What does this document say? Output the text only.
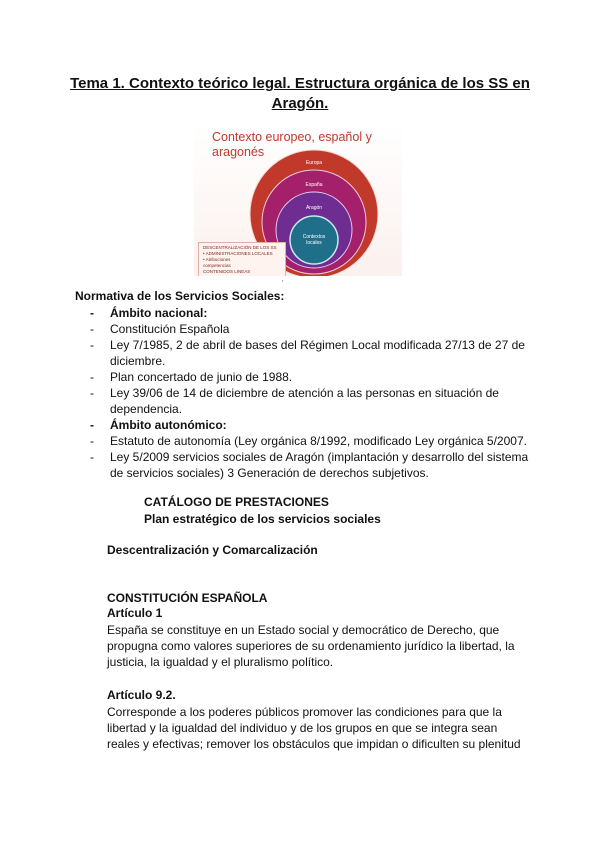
Tema 1. Contexto teórico legal. Estructura orgánica de los SS en Aragón.
Contexto europeo, español y aragonés
Europa
España
Aragón
Contextos locales
DESCENTRALIZACIÓN DE LOS SS
• ADMINISTRACIONES LOCALES
• Atribuciones
competencias
CONTENIDOS LINEAS
'
Normativa de los Servicios Sociales:
- Ámbito nacional:
- Constitución Española
- Ley 7/1985, 2 de abril de bases del Régimen Local modificada 27/13 de 27 de diciembre.
- Plan concertado de junio de 1988.
- Ley 39/06 de 14 de diciembre de atención a las personas en situación de dependencia.
- Ámbito autonómico:
- Estatuto de autonomía (Ley orgánica 8/1992, modificado Ley orgánica 5/2007.
- Ley 5/2009 servicios sociales de Aragón (implantación y desarrollo del sistema de servicios sociales) 3 Generación de derechos subjetivos.
CATÁLOGO DE PRESTACIONES
Plan estratégico de los servicios sociales
Descentralización y Comarcalización
CONSTITUCIÓN ESPAÑOLA
Artículo 1
España se constituye en un Estado social y democrático de Derecho, que propugna como valores superiores de su ordenamiento jurídico la libertad, la justicia, la igualdad y el pluralismo político.
Artículo 9.2.
Corresponde a los poderes públicos promover las condiciones para que la libertad y la igualdad del individuo y de los grupos en que se integra sean reales y efectivas; remover los obstáculos que impidan o dificulten su plenitud
